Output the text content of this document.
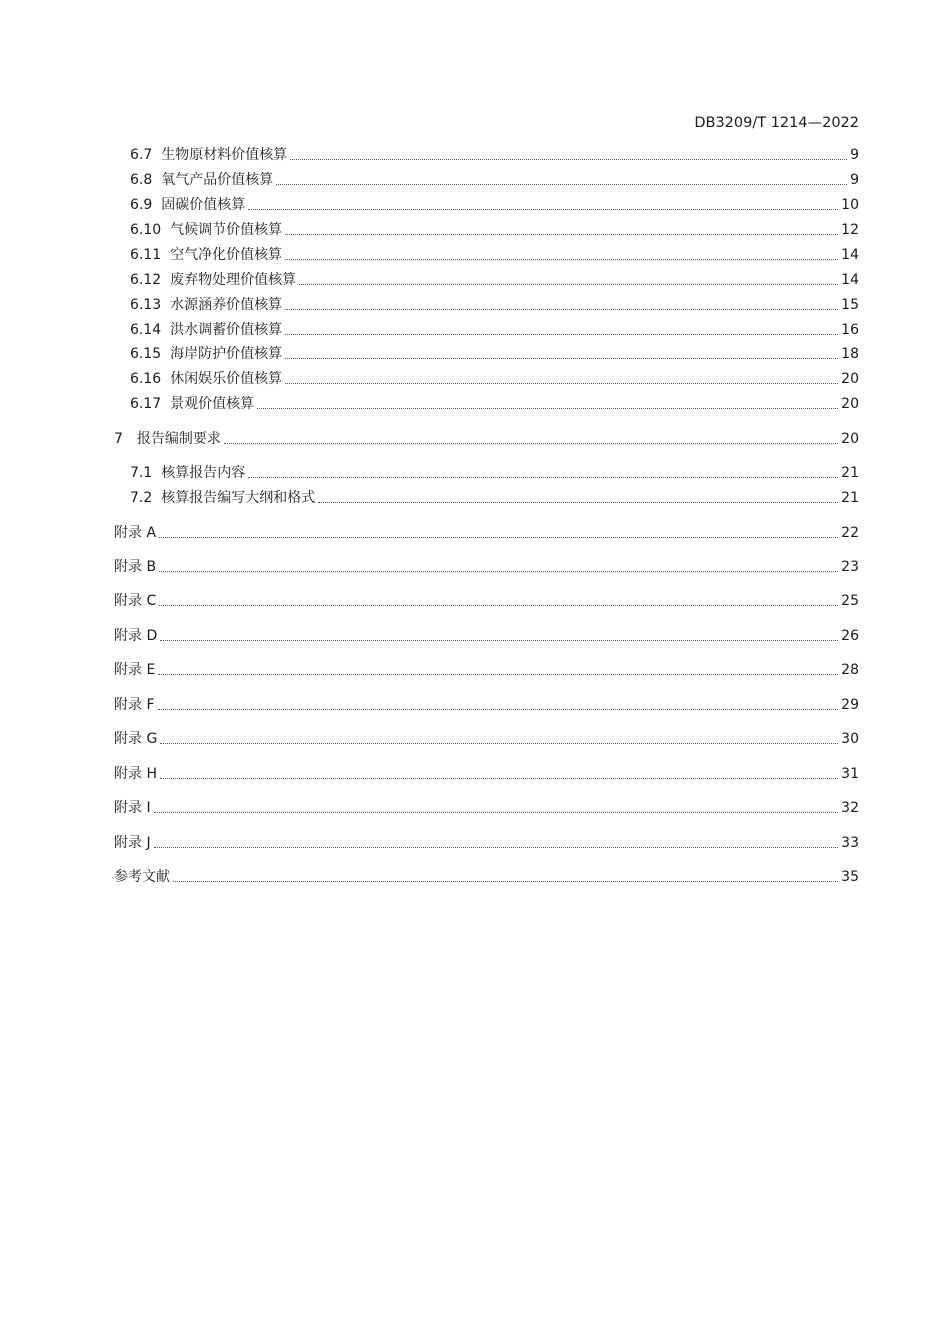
DB3209/T 1214—2022
6.7 生物原材料价值核算	9
6.8 氧气产品价值核算	9
6.9 固碳价值核算	10
6.10 气候调节价值核算	12
6.11 空气净化价值核算	14
6.12 废弃物处理价值核算	14
6.13 水源涵养价值核算	15
6.14 洪水调蓄价值核算	16
6.15 海岸防护价值核算	18
6.16 休闲娱乐价值核算	20
6.17 景观价值核算	20
7 报告编制要求	20
7.1 核算报告内容	21
7.2 核算报告编写大纲和格式	21
附录 A	22
附录 B	23
附录 C	25
附录 D	26
附录 E	28
附录 F	29
附录 G	30
附录 H	31
附录 I	32
附录 J	33
参考文献	35
